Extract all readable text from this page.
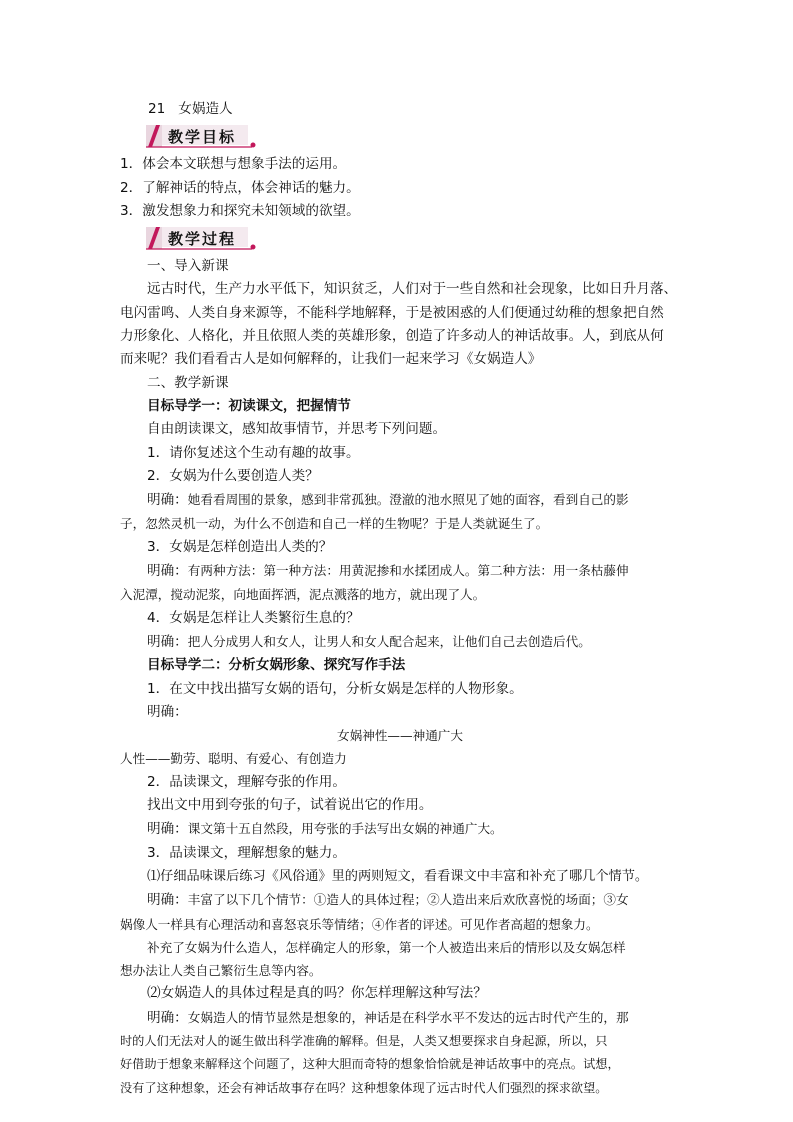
21 女娲造人
教学目标
1．体会本文联想与想象手法的运用。
2．了解神话的特点，体会神话的魅力。
3．激发想象力和探究未知领域的欲望。
教学过程
一、导入新课
远古时代，生产力水平低下，知识贫乏，人们对于一些自然和社会现象，比如日升月落、
电闪雷鸣、人类自身来源等，不能科学地解释，于是被困惑的人们便通过幼稚的想象把自然
力形象化、人格化，并且依照人类的英雄形象，创造了许多动人的神话故事。人，到底从何
而来呢？我们看看古人是如何解释的，让我们一起来学习《女娲造人》
二、教学新课
目标导学一：初读课文，把握情节
自由朗读课文，感知故事情节，并思考下列问题。
1．请你复述这个生动有趣的故事。
2．女娲为什么要创造人类？
明确：她看看周围的景象，感到非常孤独。澄澈的池水照见了她的面容，看到自己的影
子，忽然灵机一动，为什么不创造和自己一样的生物呢？于是人类就诞生了。
3．女娲是怎样创造出人类的？
明确：有两种方法：第一种方法：用黄泥掺和水揉团成人。第二种方法：用一条枯藤伸
入泥潭，搅动泥浆，向地面挥洒，泥点溅落的地方，就出现了人。
4．女娲是怎样让人类繁衍生息的？
明确：把人分成男人和女人，让男人和女人配合起来，让他们自己去创造后代。
目标导学二：分析女娲形象、探究写作手法
1．在文中找出描写女娲的语句，分析女娲是怎样的人物形象。
明确：
女娲神性——神通广大
人性——勤劳、聪明、有爱心、有创造力
2．品读课文，理解夸张的作用。
找出文中用到夸张的句子，试着说出它的作用。
明确：课文第十五自然段，用夸张的手法写出女娲的神通广大。
3．品读课文，理解想象的魅力。
⑴仔细品味课后练习《风俗通》里的两则短文，看看课文中丰富和补充了哪几个情节。
明确：丰富了以下几个情节：①造人的具体过程；②人造出来后欢欣喜悦的场面；③女
娲像人一样具有心理活动和喜怒哀乐等情绪；④作者的评述。可见作者高超的想象力。
补充了女娲为什么造人，怎样确定人的形象，第一个人被造出来后的情形以及女娲怎样
想办法让人类自己繁衍生息等内容。
⑵女娲造人的具体过程是真的吗？你怎样理解这种写法？
明确：女娲造人的情节显然是想象的，神话是在科学水平不发达的远古时代产生的，那
时的人们无法对人的诞生做出科学准确的解释。但是，人类又想要探求自身起源，所以，只
好借助于想象来解释这个问题了，这种大胆而奇特的想象恰恰就是神话故事中的亮点。试想，
没有了这种想象，还会有神话故事存在吗？这种想象体现了远古时代人们强烈的探求欲望。
